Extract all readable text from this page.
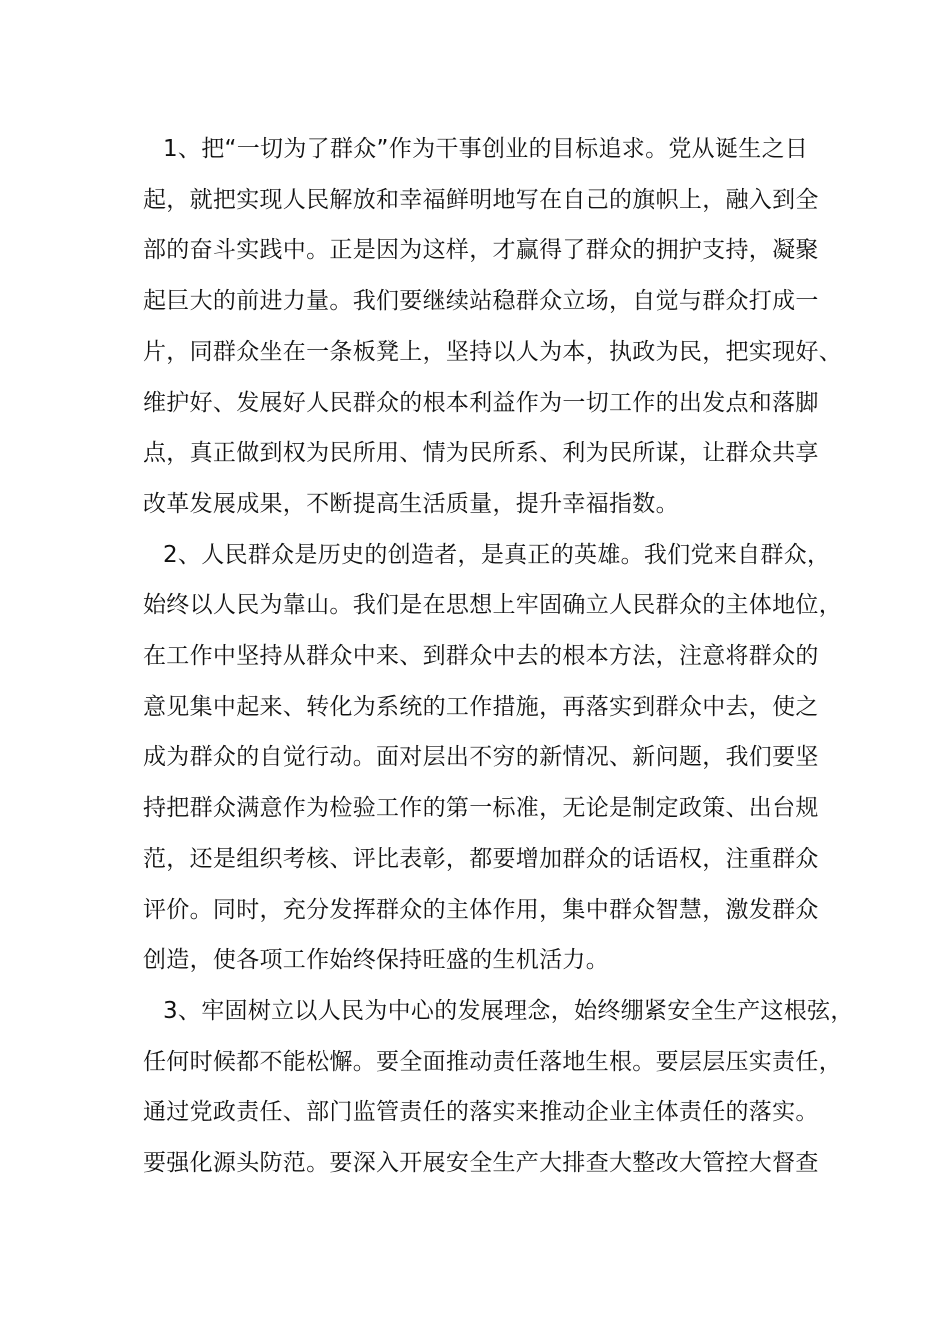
1、把“一切为了群众”作为干事创业的目标追求。党从诞生之日
起，就把实现人民解放和幸福鲜明地写在自己的旗帜上，融入到全
部的奋斗实践中。正是因为这样，才赢得了群众的拥护支持，凝聚
起巨大的前进力量。我们要继续站稳群众立场，自觉与群众打成一
片，同群众坐在一条板凳上，坚持以人为本，执政为民，把实现好、
维护好、发展好人民群众的根本利益作为一切工作的出发点和落脚
点，真正做到权为民所用、情为民所系、利为民所谋，让群众共享
改革发展成果，不断提高生活质量，提升幸福指数。

2、人民群众是历史的创造者，是真正的英雄。我们党来自群众，
始终以人民为靠山。我们是在思想上牢固确立人民群众的主体地位，
在工作中坚持从群众中来、到群众中去的根本方法，注意将群众的
意见集中起来、转化为系统的工作措施，再落实到群众中去，使之
成为群众的自觉行动。面对层出不穷的新情况、新问题，我们要坚
持把群众满意作为检验工作的第一标准，无论是制定政策、出台规
范，还是组织考核、评比表彰，都要增加群众的话语权，注重群众
评价。同时，充分发挥群众的主体作用，集中群众智慧，激发群众
创造，使各项工作始终保持旺盛的生机活力。

3、牢固树立以人民为中心的发展理念，始终绷紧安全生产这根弦，
任何时候都不能松懈。要全面推动责任落地生根。要层层压实责任，
通过党政责任、部门监管责任的落实来推动企业主体责任的落实。
要强化源头防范。要深入开展安全生产大排查大整改大管控大督查
